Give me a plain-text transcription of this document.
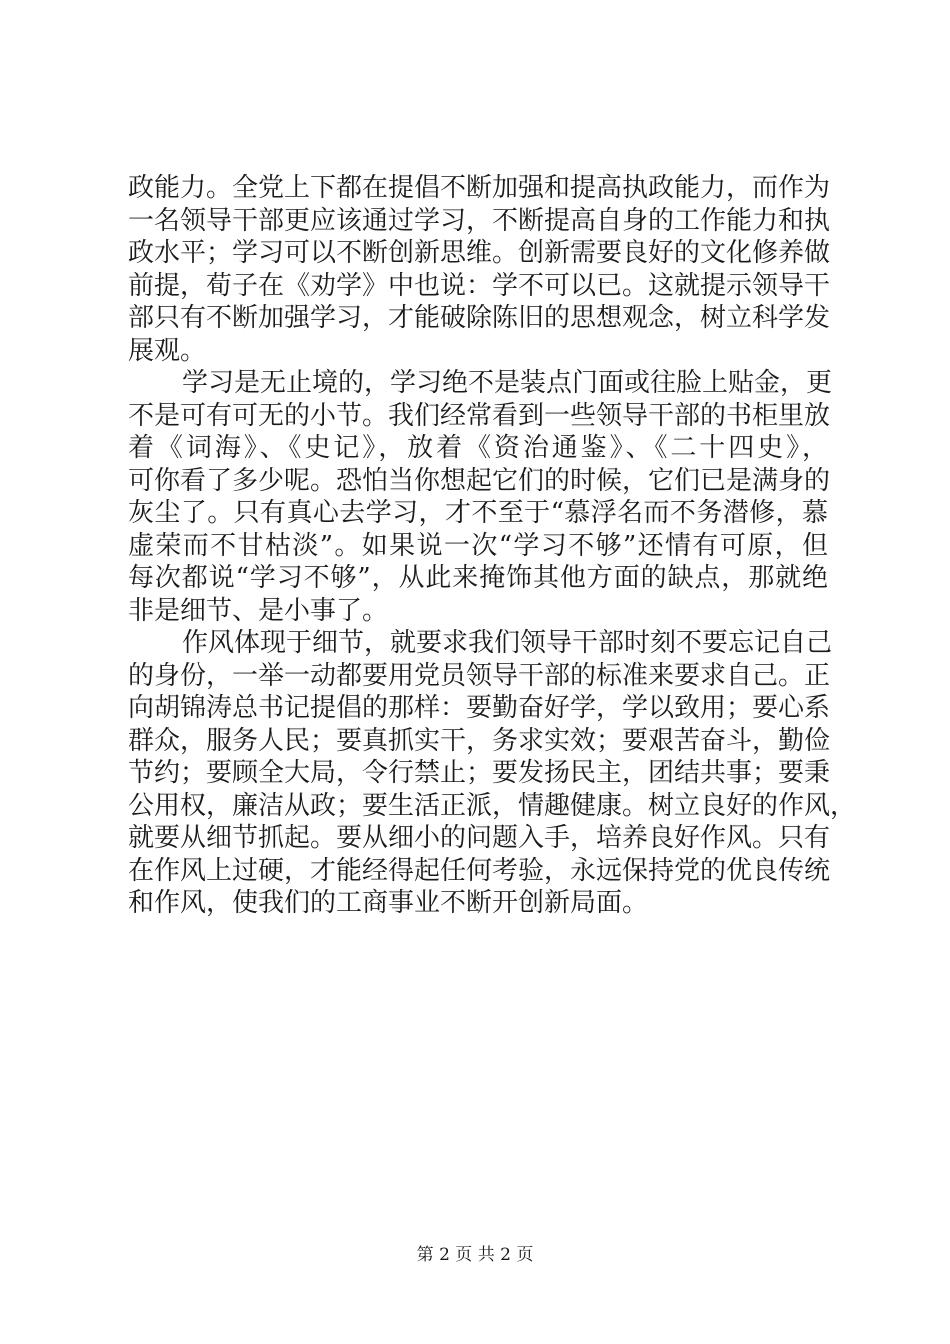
政能力。全党上下都在提倡不断加强和提高执政能力，而作为
一名领导干部更应该通过学习，不断提高自身的工作能力和执
政水平；学习可以不断创新思维。创新需要良好的文化修养做
前提，荀子在《劝学》中也说：学不可以已。这就提示领导干
部只有不断加强学习，才能破除陈旧的思想观念，树立科学发
展观。
学习是无止境的，学习绝不是装点门面或往脸上贴金，更
不是可有可无的小节。我们经常看到一些领导干部的书柜里放
着《词海》、《史记》，放着《资治通鉴》、《二十四史》，
可你看了多少呢。恐怕当你想起它们的时候，它们已是满身的
灰尘了。只有真心去学习，才不至于“慕浮名而不务潜修，慕
虚荣而不甘枯淡”。如果说一次“学习不够”还情有可原，但
每次都说“学习不够”，从此来掩饰其他方面的缺点，那就绝
非是细节、是小事了。
作风体现于细节，就要求我们领导干部时刻不要忘记自己
的身份，一举一动都要用党员领导干部的标准来要求自己。正
向胡锦涛总书记提倡的那样：要勤奋好学，学以致用；要心系
群众，服务人民；要真抓实干，务求实效；要艰苦奋斗，勤俭
节约；要顾全大局，令行禁止；要发扬民主，团结共事；要秉
公用权，廉洁从政；要生活正派，情趣健康。树立良好的作风，
就要从细节抓起。要从细小的问题入手，培养良好作风。只有
在作风上过硬，才能经得起任何考验，永远保持党的优良传统
和作风，使我们的工商事业不断开创新局面。
第 2 页 共 2 页
